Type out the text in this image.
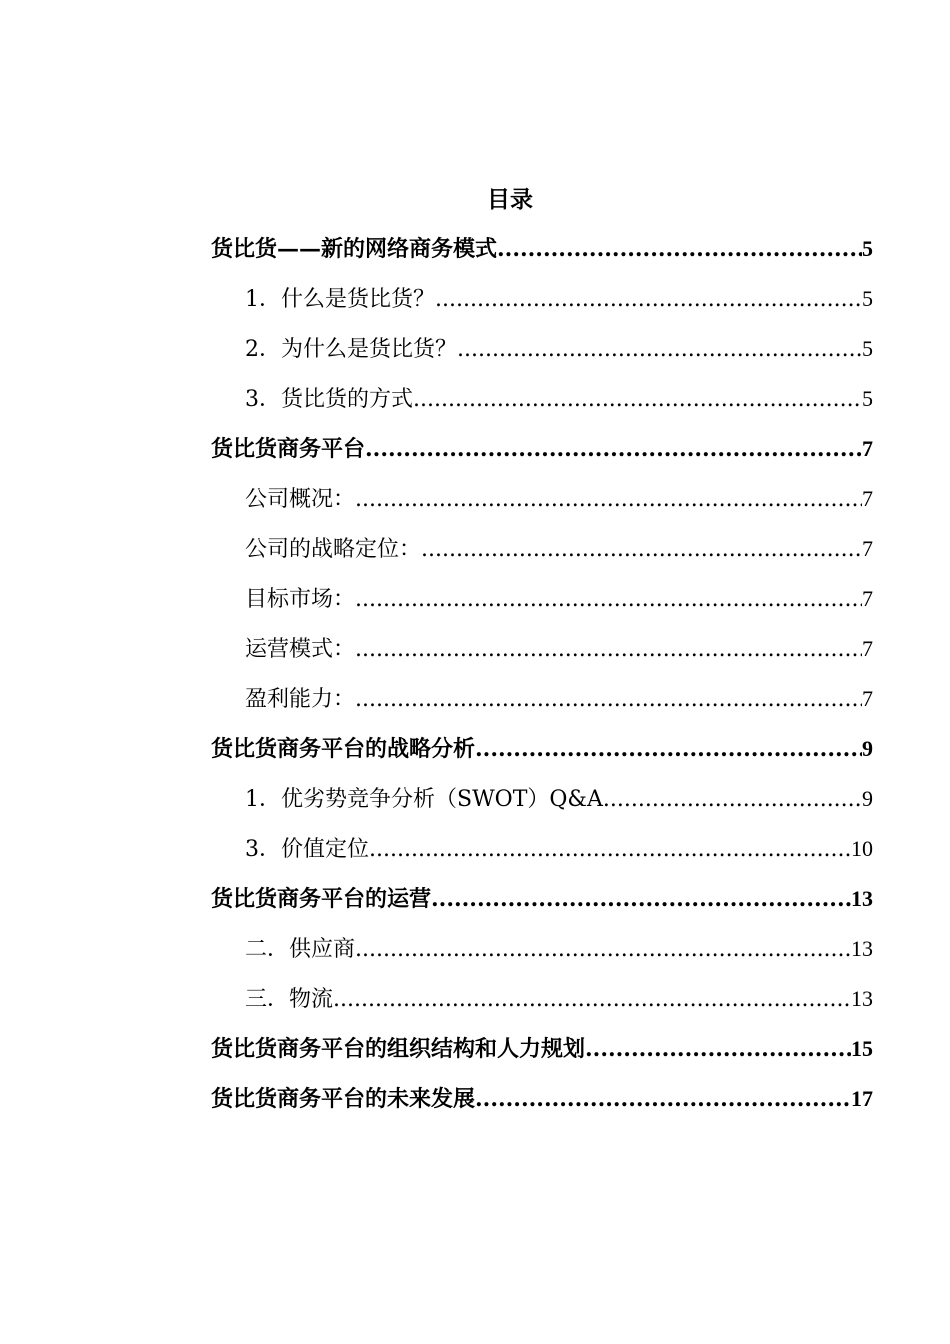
目录
货比货——新的网络商务模式 .....	5
1．什么是货比货？ .....	5
2．为什么是货比货？ .....	5
3．货比货的方式 .....	5
货比货商务平台 .....	7
公司概况： .....	7
公司的战略定位： .....	7
目标市场： .....	7
运营模式： .....	7
盈利能力： .....	7
货比货商务平台的战略分析 .....	9
1．优劣势竞争分析（SWOT）Q&A .....	9
3．价值定位 .....	10
货比货商务平台的运营 .....	13
二．供应商 .....	13
三．物流 .....	13
货比货商务平台的组织结构和人力规划 .....	15
货比货商务平台的未来发展 .....	17
